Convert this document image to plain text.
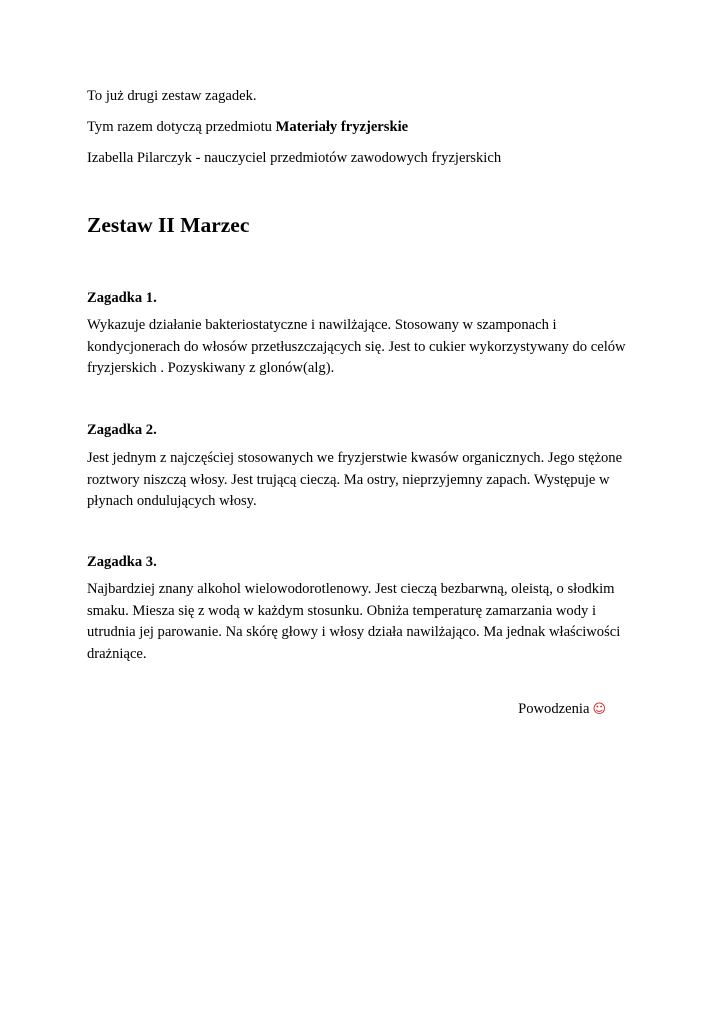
To już drugi zestaw zagadek.
Tym razem dotyczą przedmiotu Materiały fryzjerskie
Izabella Pilarczyk - nauczyciel przedmiotów zawodowych fryzjerskich
Zestaw II Marzec
Zagadka 1.
Wykazuje działanie bakteriostatyczne i nawilżające. Stosowany w szamponach i kondycjonerach do włosów przetłuszczających się. Jest to cukier wykorzystywany do celów fryzjerskich . Pozyskiwany z glonów(alg).
Zagadka 2.
Jest jednym z najczęściej stosowanych we fryzjerstwie kwasów organicznych. Jego stężone roztwory niszczą włosy. Jest trującą cieczą. Ma ostry, nieprzyjemny zapach. Występuje w płynach ondulujących włosy.
Zagadka 3.
Najbardziej znany alkohol wielowodorotlenowy. Jest cieczą bezbarwną, oleistą, o słodkim smaku. Miesza się z wodą w każdym stosunku. Obniża temperaturę zamarzania wody i utrudnia jej parowanie. Na skórę głowy i włosy działa nawilżająco. Ma jednak właściwości drażniące.
Powodzenia ☺
